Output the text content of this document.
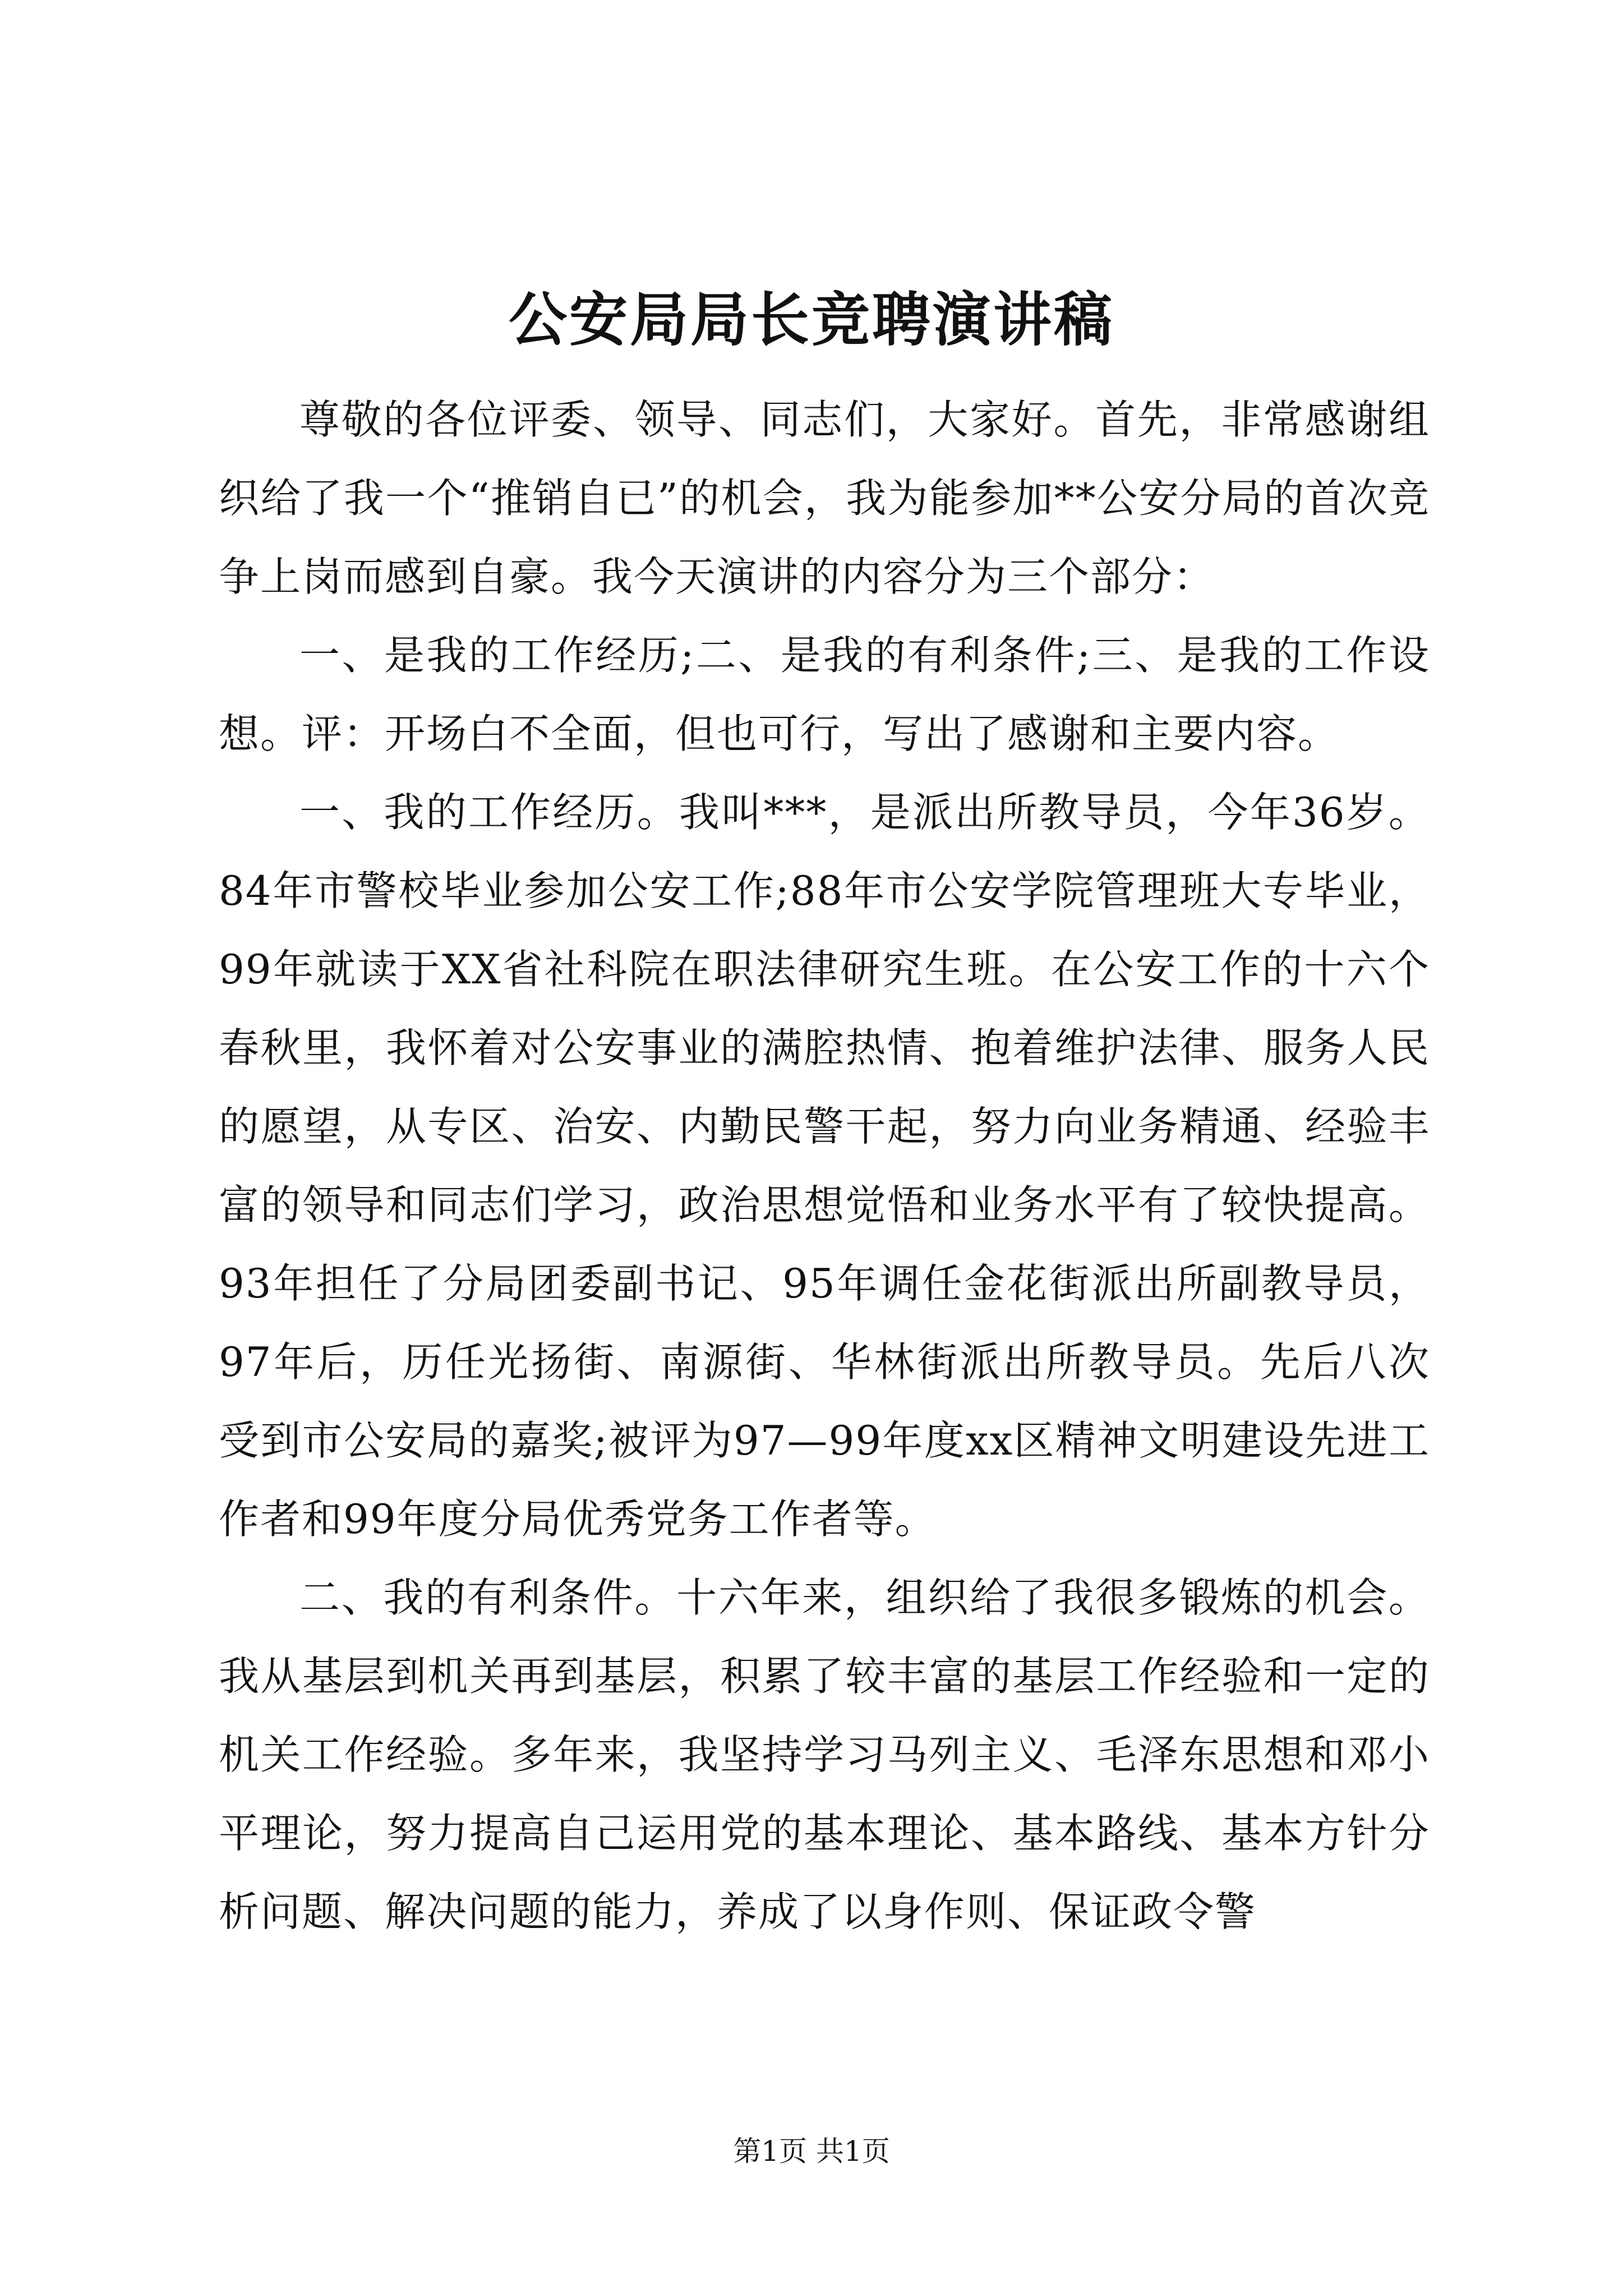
公安局局长竞聘演讲稿

尊敬的各位评委、领导、同志们，大家好。首先，非常感谢组织给了我一个“推销自已”的机会，我为能参加**公安分局的首次竞争上岗而感到自豪。我今天演讲的内容分为三个部分：

一、是我的工作经历;二、是我的有利条件;三、是我的工作设想。评：开场白不全面，但也可行，写出了感谢和主要内容。

一、我的工作经历。我叫***，是派出所教导员，今年36岁。84年市警校毕业参加公安工作;88年市公安学院管理班大专毕业，99年就读于XX省社科院在职法律研究生班。在公安工作的十六个春秋里，我怀着对公安事业的满腔热情、抱着维护法律、服务人民的愿望，从专区、治安、内勤民警干起，努力向业务精通、经验丰富的领导和同志们学习，政治思想觉悟和业务水平有了较快提高。93年担任了分局团委副书记、95年调任金花街派出所副教导员，97年后，历任光扬街、南源街、华林街派出所教导员。先后八次受到市公安局的嘉奖;被评为97—99年度xx区精神文明建设先进工作者和99年度分局优秀党务工作者等。

二、我的有利条件。十六年来，组织给了我很多锻炼的机会。我从基层到机关再到基层，积累了较丰富的基层工作经验和一定的机关工作经验。多年来，我坚持学习马列主义、毛泽东思想和邓小平理论，努力提高自己运用党的基本理论、基本路线、基本方针分析问题、解决问题的能力，养成了以身作则、保证政令警

第1页 共1页
